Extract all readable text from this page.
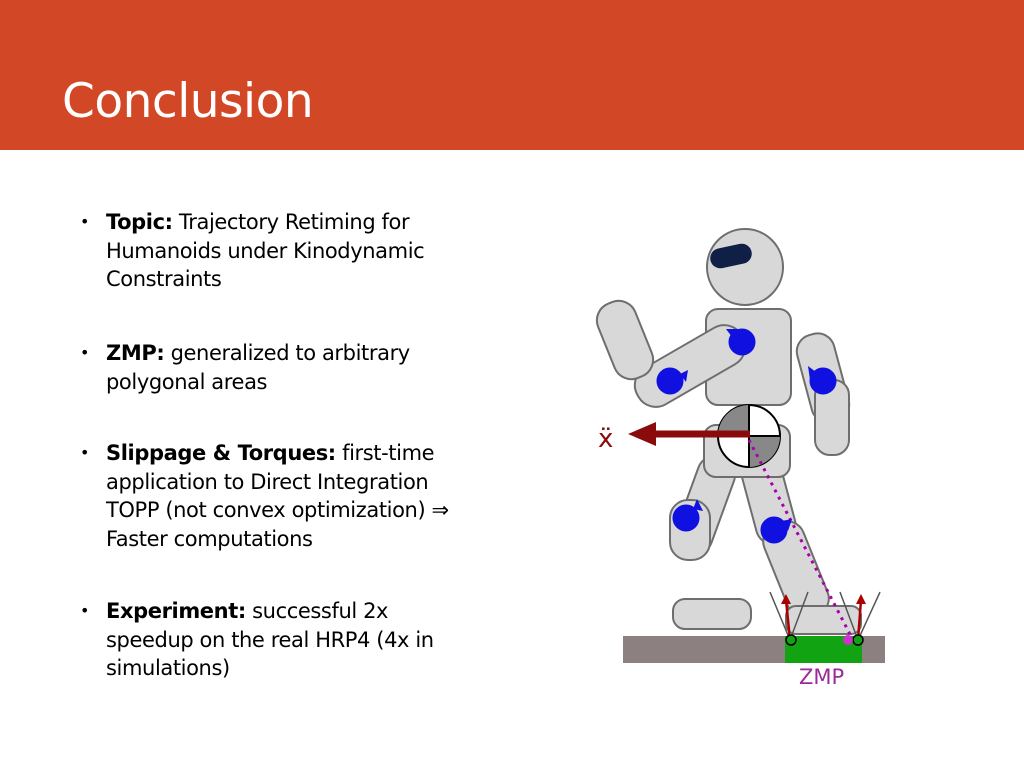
Conclusion
• Topic: Trajectory Retiming for Humanoids under Kinodynamic Constraints
• ZMP: generalized to arbitrary polygonal areas
• Slippage & Torques: first-time application to Direct Integration TOPP (not convex optimization) ⇒ Faster computations
• Experiment: successful 2x speedup on the real HRP4 (4x in simulations)
ẍ
ZMP
